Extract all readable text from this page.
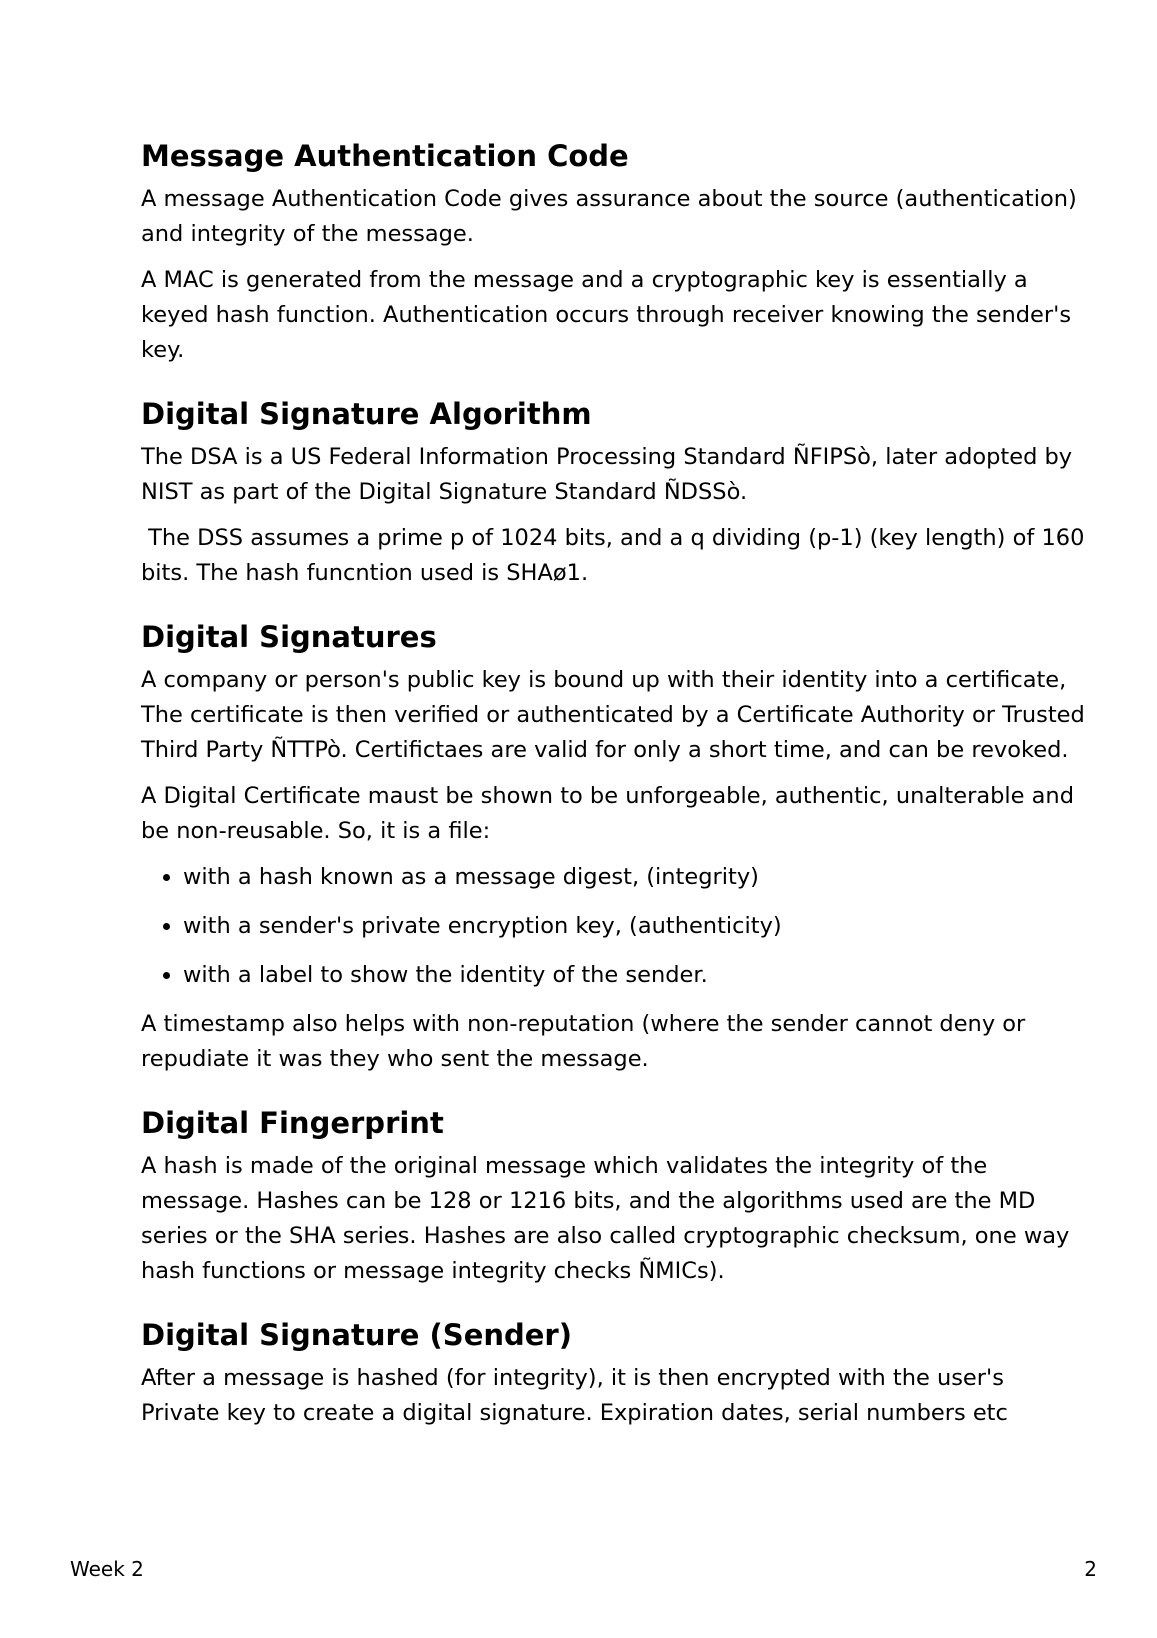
Message Authentication Code

A message Authentication Code gives assurance about the source (authentication) and integrity of the message.

A MAC is generated from the message and a cryptographic key is essentially a keyed hash function. Authentication occurs through receiver knowing the sender's key.

Digital Signature Algorithm

The DSA is a US Federal Information Processing Standard ÑFIPSò, later adopted by NIST as part of the Digital Signature Standard ÑDSSò.

The DSS assumes a prime p of 1024 bits, and a q dividing (p-1) (key length) of 160 bits. The hash funcntion used is SHAø1.

Digital Signatures

A company or person's public key is bound up with their identity into a certificate, The certificate is then verified or authenticated by a Certificate Authority or Trusted Third Party ÑTTPò. Certifictaes are valid for only a short time, and can be revoked.

A Digital Certificate maust be shown to be unforgeable, authentic, unalterable and be non-reusable. So, it is a file:

• with a hash known as a message digest, (integrity)
• with a sender's private encryption key, (authenticity)
• with a label to show the identity of the sender.

A timestamp also helps with non-reputation (where the sender cannot deny or repudiate it was they who sent the message.

Digital Fingerprint

A hash is made of the original message which validates the integrity of the message. Hashes can be 128 or 1216 bits, and the algorithms used are the MD series or the SHA series. Hashes are also called cryptographic checksum, one way hash functions or message integrity checks ÑMICs).

Digital Signature (Sender)

After a message is hashed (for integrity), it is then encrypted with the user's Private key to create a digital signature. Expiration dates, serial numbers etc

Week 2	2
